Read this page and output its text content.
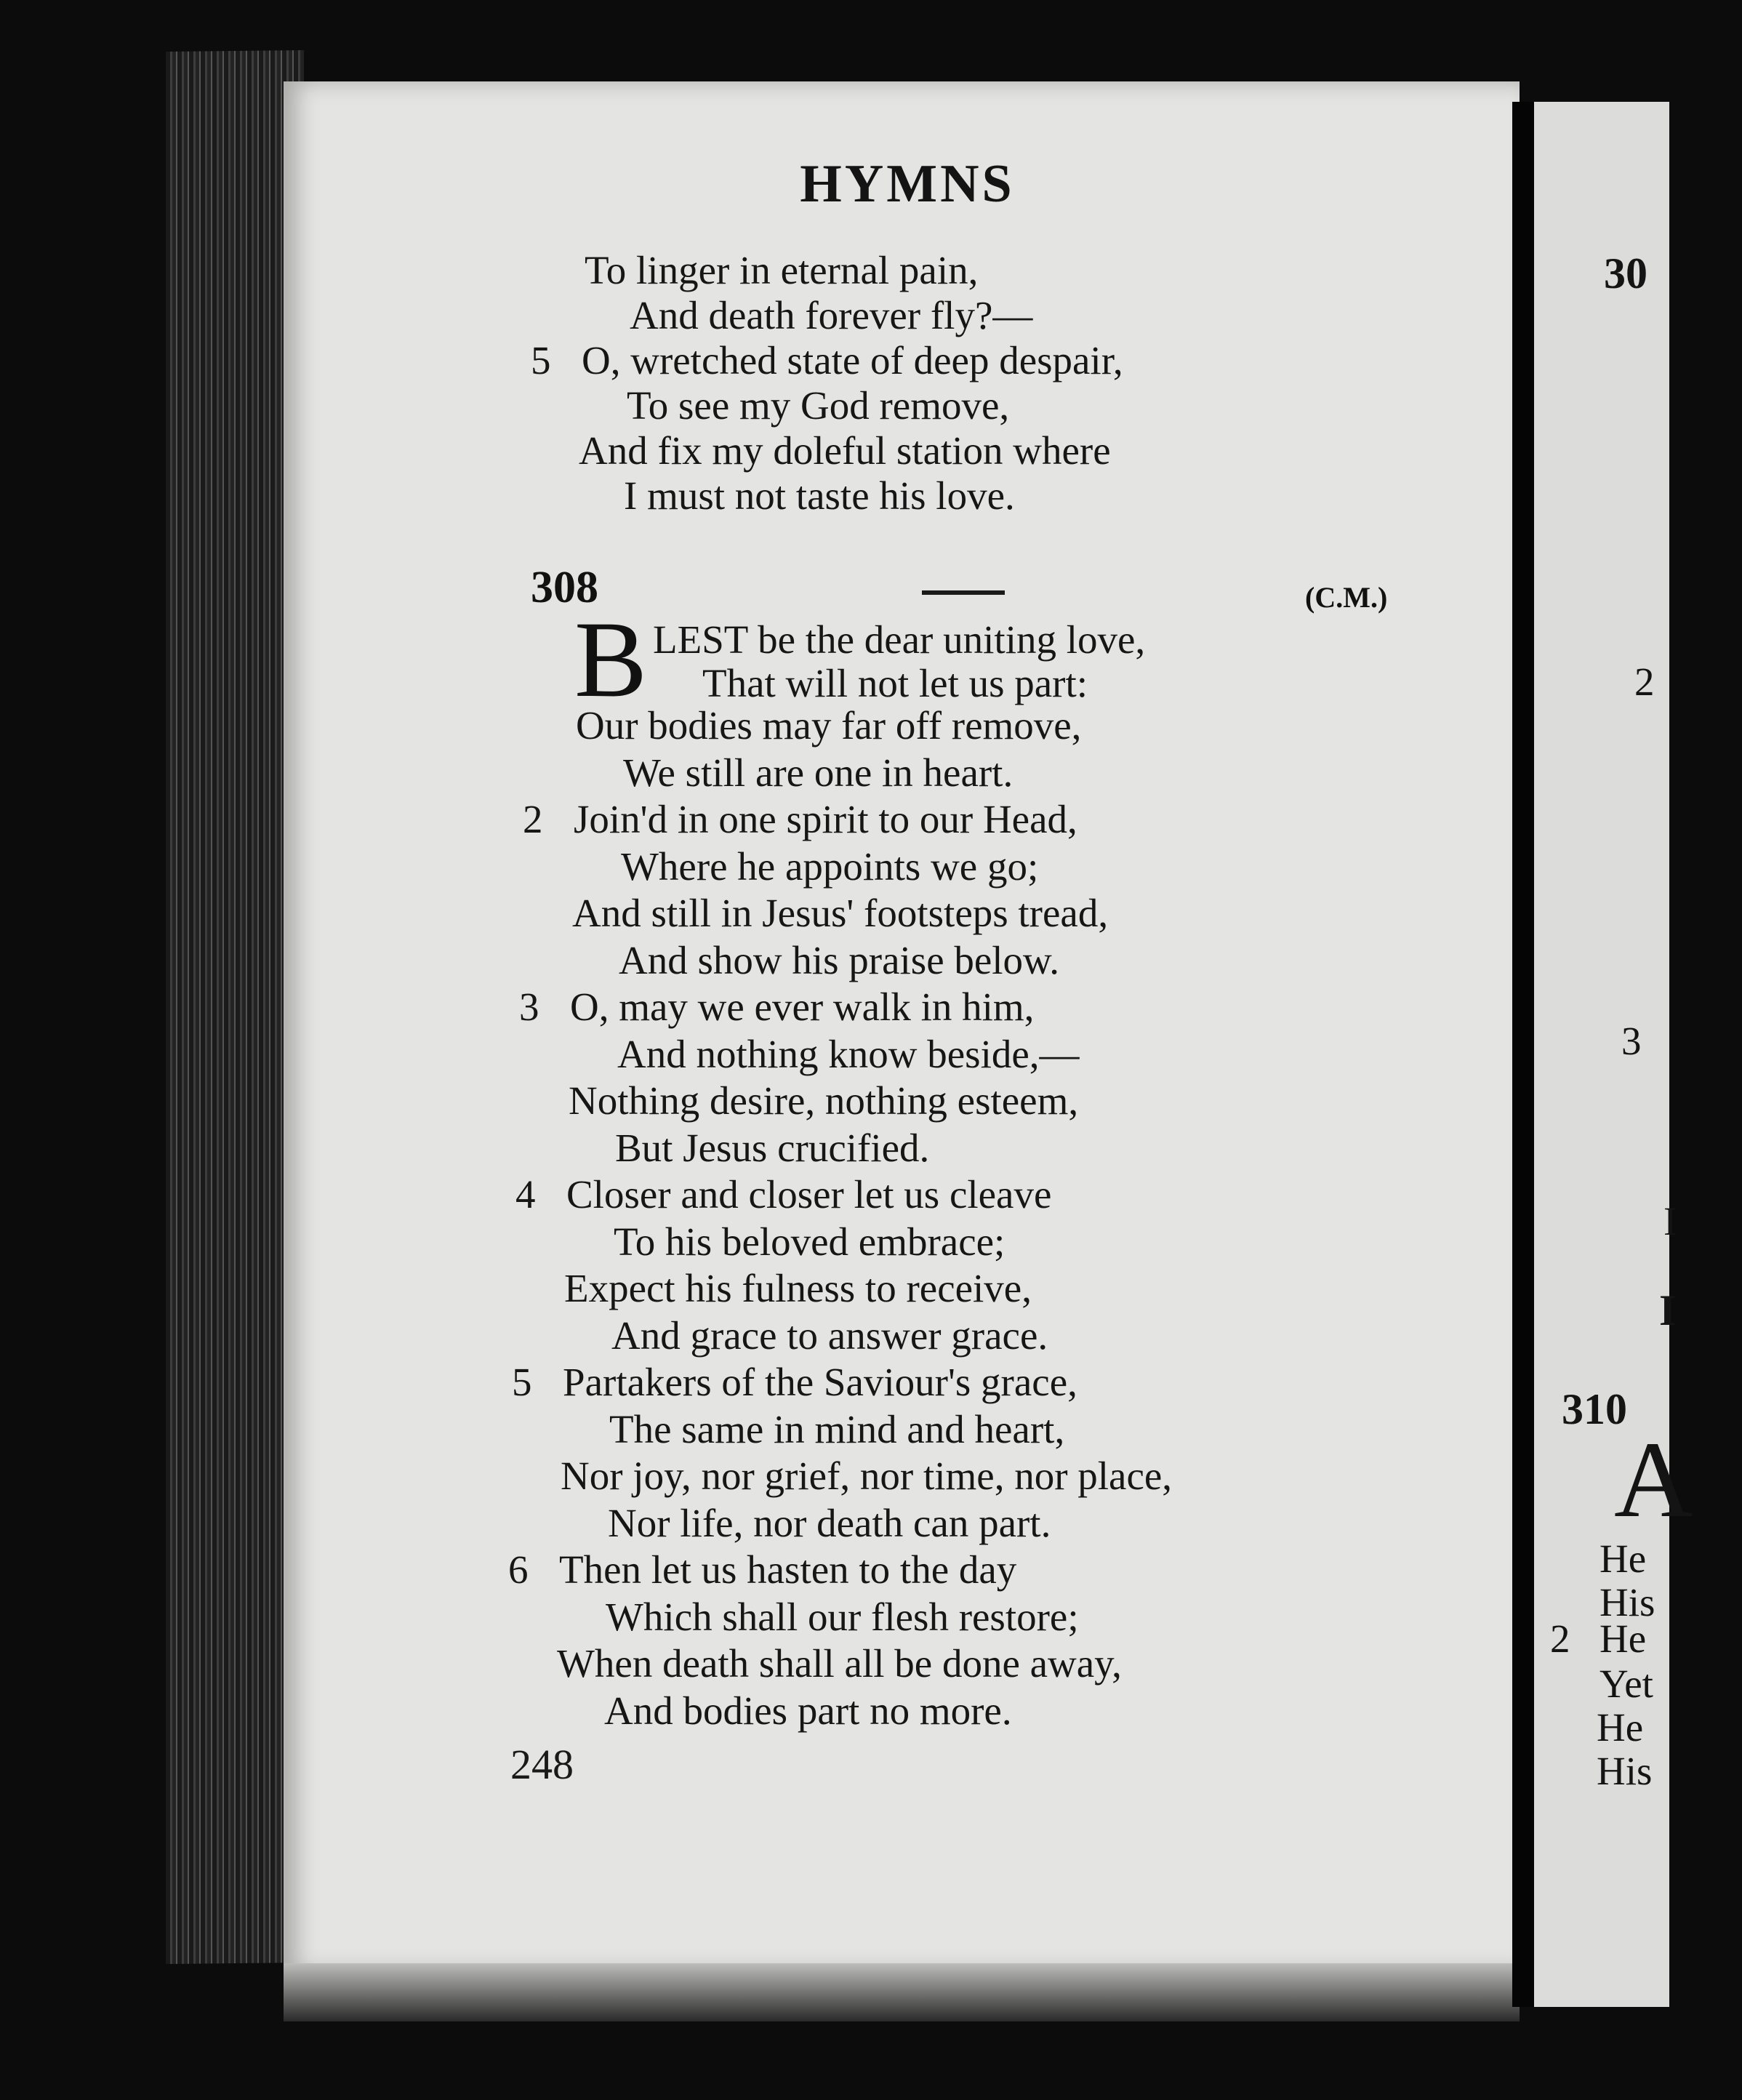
HYMNS
To linger in eternal pain,
And death forever fly?—
5 O, wretched state of deep despair,
To see my God remove,
And fix my doleful station where
I must not taste his love.
308	(C.M.)
B LEST be the dear uniting love,
That will not let us part:
Our bodies may far off remove,
We still are one in heart.
2 Join'd in one spirit to our Head,
Where he appoints we go;
And still in Jesus' footsteps tread,
And show his praise below.
3 O, may we ever walk in him,
And nothing know beside,—
Nothing desire, nothing esteem,
But Jesus crucified.
4 Closer and closer let us cleave
To his beloved embrace;
Expect his fulness to receive,
And grace to answer grace.
5 Partakers of the Saviour's grace,
The same in mind and heart,
Nor joy, nor grief, nor time, nor place,
Nor life, nor death can part.
6 Then let us hasten to the day
Which shall our flesh restore;
When death shall all be done away,
And bodies part no more.
248
30
2
3
I
I
310
A
He
His
2 He
Yet
He
His
